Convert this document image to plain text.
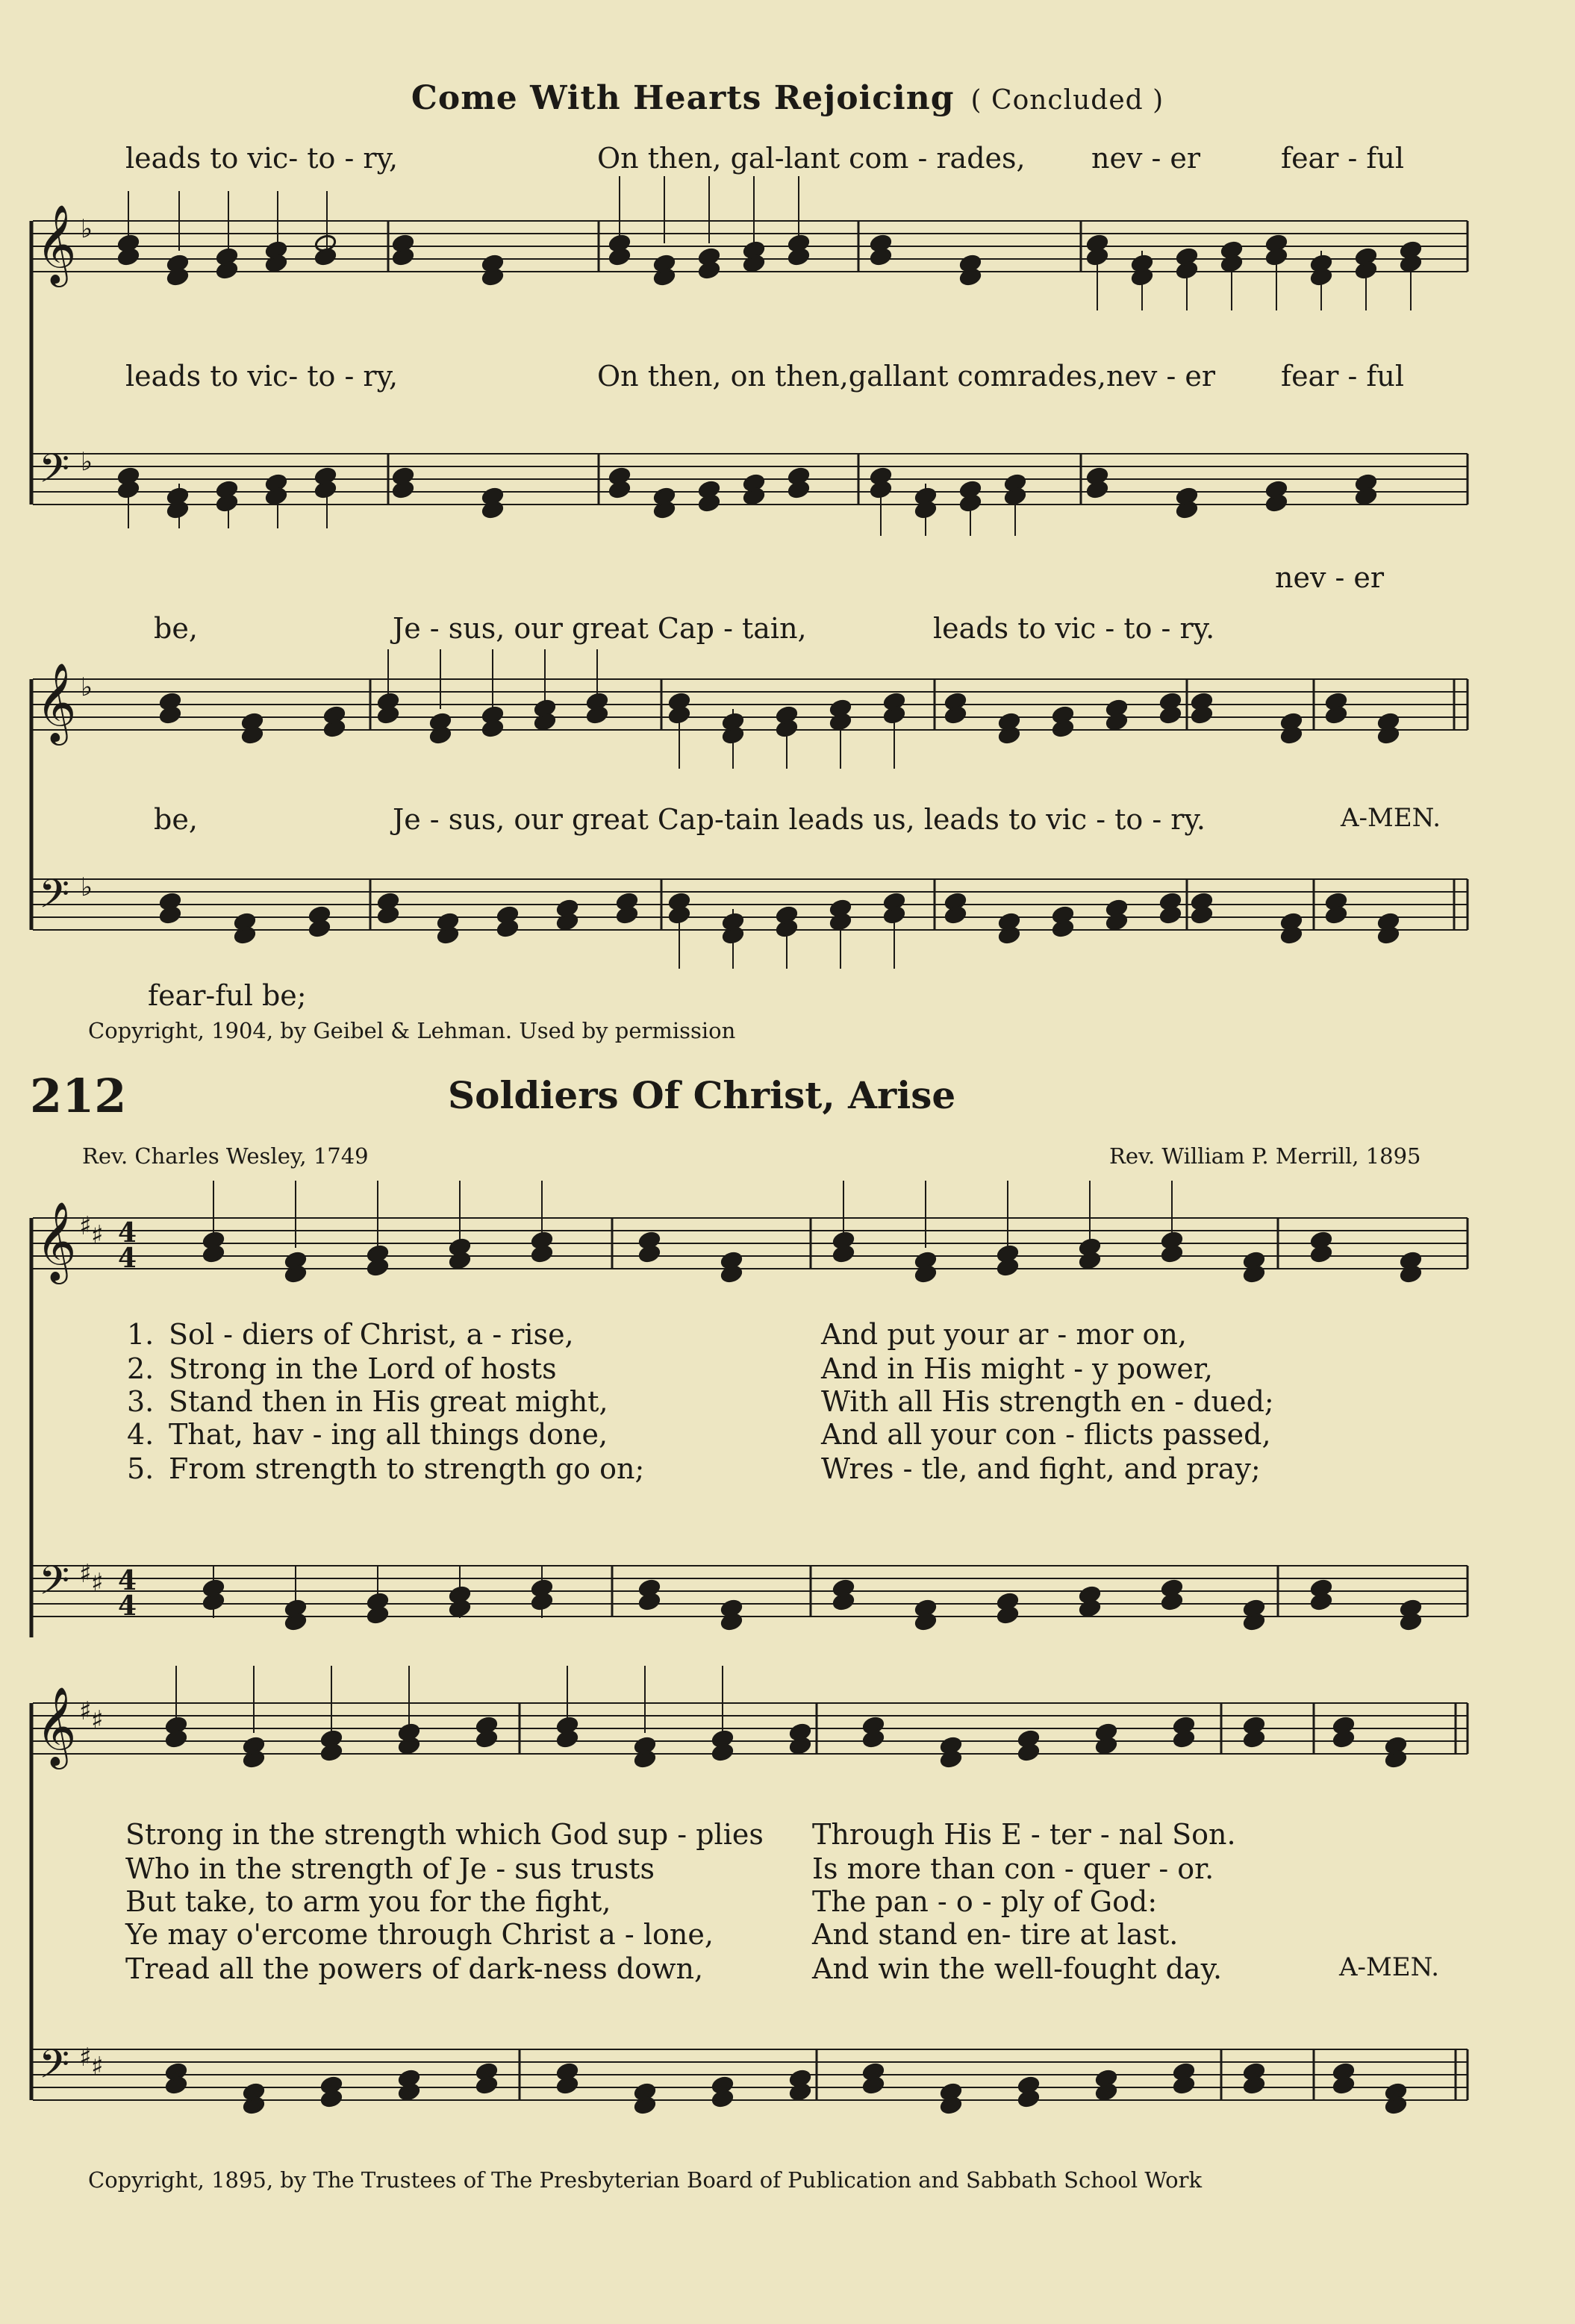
𝄞
𝄢
♭
♭
𝄞
𝄢
♭
♭
𝄞
𝄢
♯ ♯
♯ ♯
4
4
4
4
𝄞
𝄢
♯ ♯
♯ ♯
Come With Hearts Rejoicing ( Concluded )
leads to vic- to - ry,	On then, gal-lant com - rades, nev - er	fear - ful
leads to vic- to - ry,	On then, on then,gallant comrades,nev - er fear - ful
nev - er
be,	Je - sus, our great Cap - tain,	leads to vic - to - ry.
be,	Je - sus, our great Cap-tain leads us, leads to vic - to - ry.	A-MEN.
fear-ful be;
Copyright, 1904, by Geibel & Lehman. Used by permission
212	Soldiers Of Christ, Arise
Rev. Charles Wesley, 1749	Rev. William P. Merrill, 1895
1. Sol - diers of Christ, a - rise,	And put your ar - mor on,
2. Strong in the Lord of hosts	And in His might - y power,
3. Stand then in His great might,	With all His strength en - dued;
4. That, hav - ing all things done,	And all your con - flicts passed,
5. From strength to strength go on;	Wres - tle, and fight, and pray;
Strong in the strength which God sup - plies Through His E - ter - nal Son.
Who in the strength of Je - sus trusts	Is more than con - quer - or.
But take, to arm you for the fight,	The pan - o - ply of God:
Ye may o'ercome through Christ a - lone,	And stand en- tire at last.
Tread all the powers of dark-ness down,	And win the well-fought day.	A-MEN.
Copyright, 1895, by The Trustees of The Presbyterian Board of Publication and Sabbath School Work
